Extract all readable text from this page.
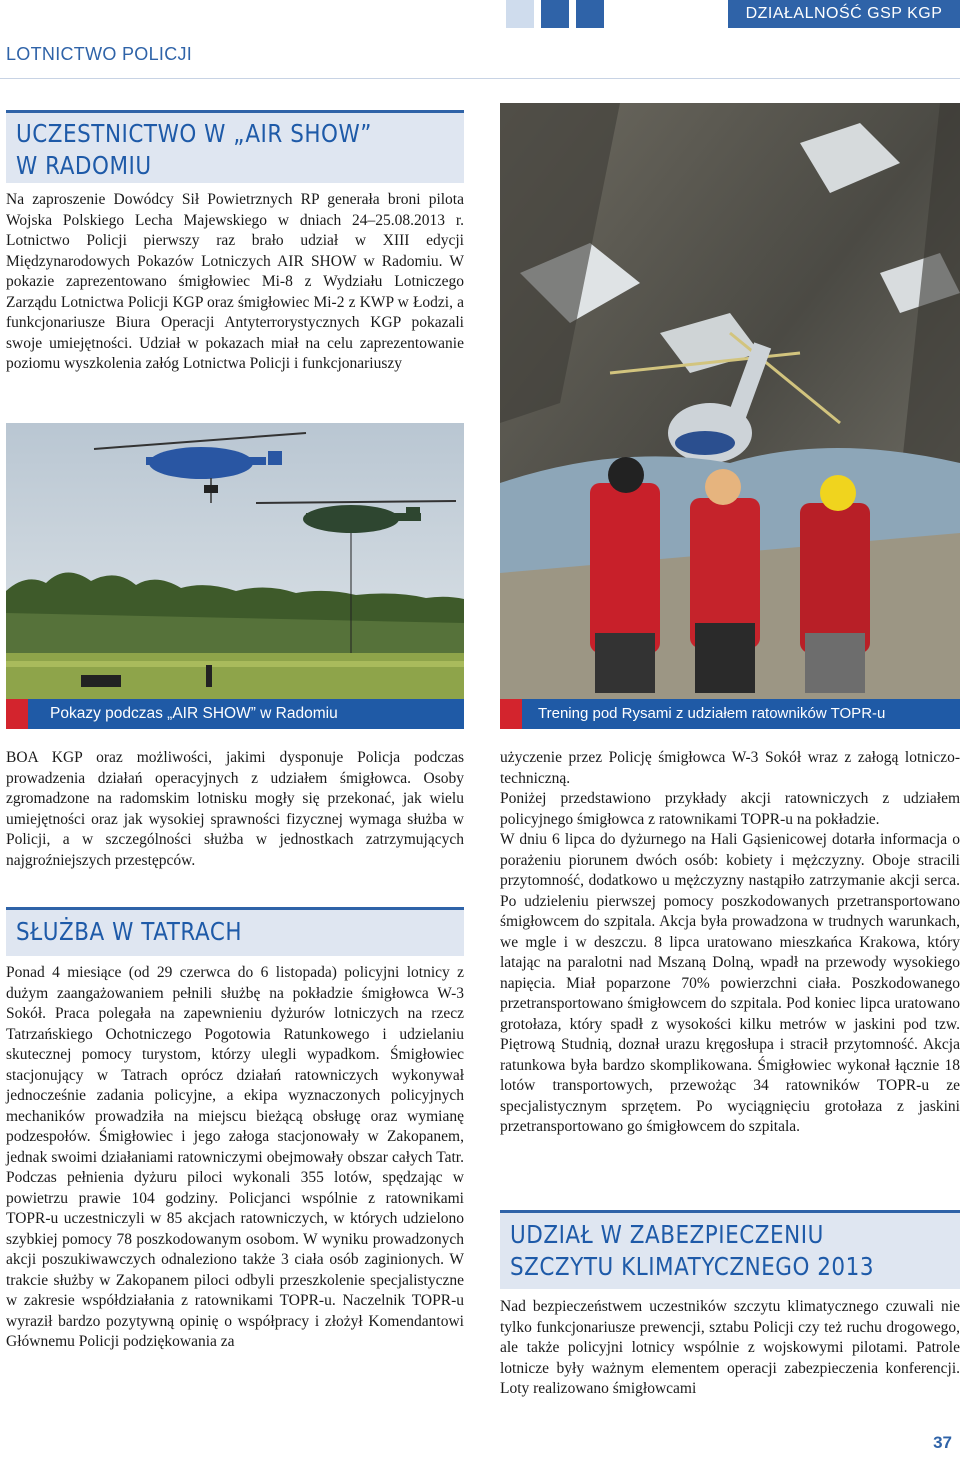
DZIAŁALNOŚĆ GSP KGP
LOTNICTWO POLICJI
UCZESTNICTWO W „AIR SHOW”
W RADOMIU

Na zaproszenie Dowódcy Sił Powietrznych RP generała broni pilota Wojska Polskiego Lecha Majewskiego w dniach 24–25.08.2013 r. Lotnictwo Policji pierwszy raz brało udział w XIII edycji Międzynarodowych Pokazów Lotniczych AIR SHOW w Radomiu. W pokazie zaprezentowano śmigłowiec Mi-8 z Wydziału Lotniczego Zarządu Lotnictwa Policji KGP oraz śmigłowiec Mi-2 z KWP w Łodzi, a funkcjonariusze Biura Operacji Antyterrorystycznych KGP pokazali swoje umiejętności. Udział w pokazach miał na celu zaprezentowanie poziomu wyszkolenia załóg Lotnictwa Policji i funkcjonariuszy

Pokazy podczas „AIR SHOW” w Radomiu	Trening pod Rysami z udziałem ratowników TOPR-u

BOA KGP oraz możliwości, jakimi dysponuje Policja podczas prowadzenia działań operacyjnych z udziałem śmigłowca. Osoby zgromadzone na radomskim lotnisku mogły się przekonać, jak wielu umiejętności oraz jak wysokiej sprawności fizycznej wymaga służba w Policji, a w szczególności służba w jednostkach zatrzymujących najgroźniejszych przestępców.

SŁUŻBA W TATRACH

Ponad 4 miesiące (od 29 czerwca do 6 listopada) policyjni lotnicy z dużym zaangażowaniem pełnili służbę na pokładzie śmigłowca W-3 Sokół. Praca polegała na zapewnieniu dyżurów lotniczych na rzecz Tatrzańskiego Ochotniczego Pogotowia Ratunkowego i udzielaniu skutecznej pomocy turystom, którzy ulegli wypadkom. Śmigłowiec stacjonujący w Tatrach oprócz działań ratowniczych wykonywał jednocześnie zadania policyjne, a ekipa wyznaczonych policyjnych mechaników prowadziła na miejscu bieżącą obsługę oraz wymianę podzespołów. Śmigłowiec i jego załoga stacjonowały w Zakopanem, jednak swoimi działaniami ratowniczymi obejmowały obszar całych Tatr. Podczas pełnienia dyżuru piloci wykonali 355 lotów, spędzając w powietrzu prawie 104 godziny. Policjanci wspólnie z ratownikami TOPR-u uczestniczyli w 85 akcjach ratowniczych, w których udzielono szybkiej pomocy 78 poszkodowanym osobom. W wyniku prowadzonych akcji poszukiwawczych odnaleziono także 3 ciała osób zaginionych. W trakcie służby w Zakopanem piloci odbyli przeszkolenie specjalistyczne w zakresie współdziałania z ratownikami TOPR-u. Naczelnik TOPR-u wyraził bardzo pozytywną opinię o współpracy i złożył Komendantowi Głównemu Policji podziękowania za

użyczenie przez Policję śmigłowca W-3 Sokół wraz z załogą lotniczo-techniczną.

Poniżej przedstawiono przykłady akcji ratowniczych z udziałem policyjnego śmigłowca z ratownikami TOPR-u na pokładzie.

W dniu 6 lipca do dyżurnego na Hali Gąsienicowej dotarła informacja o porażeniu piorunem dwóch osób: kobiety i mężczyzny. Oboje stracili przytomność, dodatkowo u mężczyzny nastąpiło zatrzymanie akcji serca. Po udzieleniu pierwszej pomocy poszkodowanych przetransportowano śmigłowcem do szpitala. Akcja była prowadzona w trudnych warunkach, we mgle i w deszczu. 8 lipca uratowano mieszkańca Krakowa, który latając na paralotni nad Mszaną Dolną, wpadł na przewody wysokiego napięcia. Miał poparzone 70% powierzchni ciała. Poszkodowanego przetransportowano śmigłowcem do szpitala. Pod koniec lipca uratowano grotołaza, który spadł z wysokości kilku metrów w jaskini pod tzw. Piętrową Studnią, doznał urazu kręgosłupa i stracił przytomność. Akcja ratunkowa była bardzo skomplikowana. Śmigłowiec wykonał łącznie 18 lotów transportowych, przewożąc 34 ratowników TOPR-u ze specjalistycznym sprzętem. Po wyciągnięciu grotołaza z jaskini przetransportowano go śmigłowcem do szpitala.

UDZIAŁ W ZABEZPIECZENIU
SZCZYTU KLIMATYCZNEGO 2013

Nad bezpieczeństwem uczestników szczytu klimatycznego czuwali nie tylko funkcjonariusze prewencji, sztabu Policji czy też ruchu drogowego, ale także policyjni lotnicy wspólnie z wojskowymi pilotami. Patrole lotnicze były ważnym elementem operacji zabezpieczenia konferencji. Loty realizowano śmigłowcami

37
